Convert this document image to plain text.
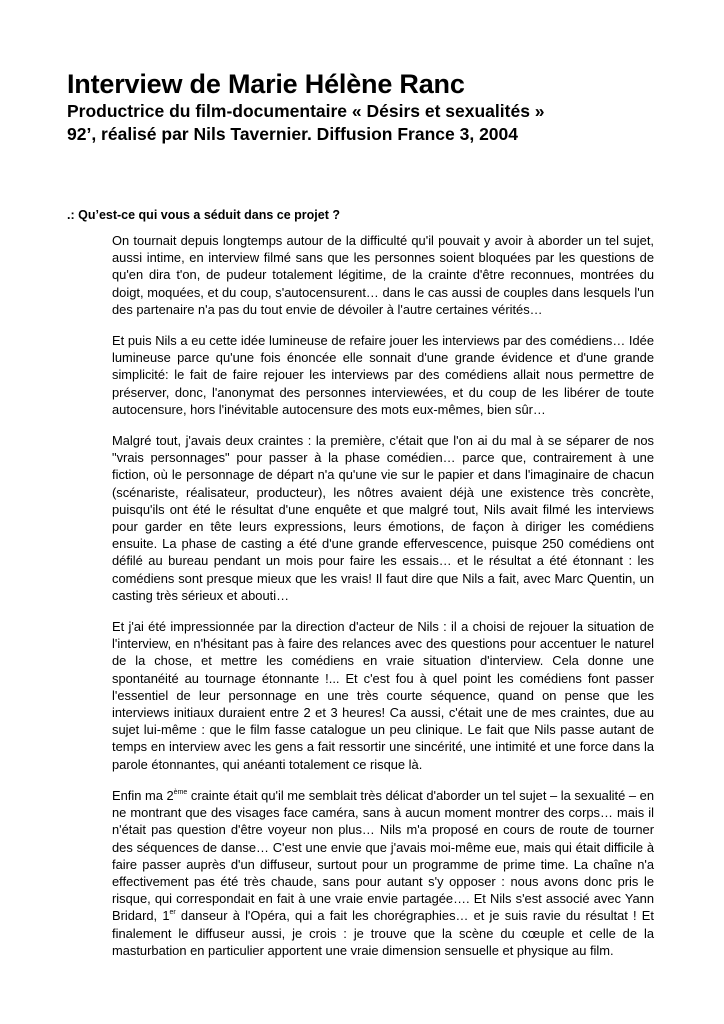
Interview de Marie Hélène Ranc
Productrice du film-documentaire « Désirs et sexualités »
92’, réalisé par Nils Tavernier. Diffusion France 3, 2004

.: Qu’est-ce qui vous a séduit dans ce projet ?

On tournait depuis longtemps autour de la difficulté qu'il pouvait y avoir à aborder un tel sujet, aussi intime, en interview filmé sans que les personnes soient bloquées par les questions de qu'en dira t'on, de pudeur totalement légitime, de la crainte d'être reconnues, montrées du doigt, moquées, et du coup, s'autocensurent… dans le cas aussi de couples dans lesquels l'un des partenaire n'a pas du tout envie de dévoiler à l'autre certaines vérités…

Et puis Nils a eu cette idée lumineuse de refaire jouer les interviews par des comédiens… Idée lumineuse parce qu'une fois énoncée elle sonnait d'une grande évidence et d'une grande simplicité: le fait de faire rejouer les interviews par des comédiens allait nous permettre de préserver, donc, l'anonymat des personnes interviewées, et du coup de les libérer de toute autocensure, hors l'inévitable autocensure des mots eux-mêmes, bien sûr…

Malgré tout, j'avais deux craintes : la première, c'était que l'on ai du mal à se séparer de nos "vrais personnages" pour passer à la phase comédien… parce que, contrairement à une fiction, où le personnage de départ n'a qu'une vie sur le papier et dans l'imaginaire de chacun (scénariste, réalisateur, producteur), les nôtres avaient déjà une existence très concrète, puisqu'ils ont été le résultat d'une enquête et que malgré tout, Nils avait filmé les interviews pour garder en tête leurs expressions, leurs émotions, de façon à diriger les comédiens ensuite. La phase de casting a été d'une grande effervescence, puisque 250 comédiens ont défilé au bureau pendant un mois pour faire les essais… et le résultat a été étonnant : les comédiens sont presque mieux que les vrais! Il faut dire que Nils a fait, avec Marc Quentin, un casting très sérieux et abouti…

Et j'ai été impressionnée par la direction d'acteur de Nils : il a choisi de rejouer la situation de l'interview, en n'hésitant pas à faire des relances avec des questions pour accentuer le naturel de la chose, et mettre les comédiens en vraie situation d'interview. Cela donne une spontanéité au tournage étonnante !... Et c'est fou à quel point les comédiens font passer l'essentiel de leur personnage en une très courte séquence, quand on pense que les interviews initiaux duraient entre 2 et 3 heures! Ca aussi, c'était une de mes craintes, due au sujet lui-même : que le film fasse catalogue un peu clinique. Le fait que Nils passe autant de temps en interview avec les gens a fait ressortir une sincérité, une intimité et une force dans la parole étonnantes, qui anéanti totalement ce risque là.

Enfin ma 2ème crainte était qu'il me semblait très délicat d'aborder un tel sujet – la sexualité – en ne montrant que des visages face caméra, sans à aucun moment montrer des corps… mais il n'était pas question d'être voyeur non plus… Nils m'a proposé en cours de route de tourner des séquences de danse… C'est une envie que j'avais moi-même eue, mais qui était difficile à faire passer auprès d'un diffuseur, surtout pour un programme de prime time. La chaîne n'a effectivement pas été très chaude, sans pour autant s'y opposer : nous avons donc pris le risque, qui correspondait en fait à une vraie envie partagée…. Et Nils s'est associé avec Yann Bridard, 1er danseur à l'Opéra, qui a fait les chorégraphies… et je suis ravie du résultat ! Et finalement le diffuseur aussi, je crois : je trouve que la scène du cœuple et celle de la masturbation en particulier apportent une vraie dimension sensuelle et physique au film.
